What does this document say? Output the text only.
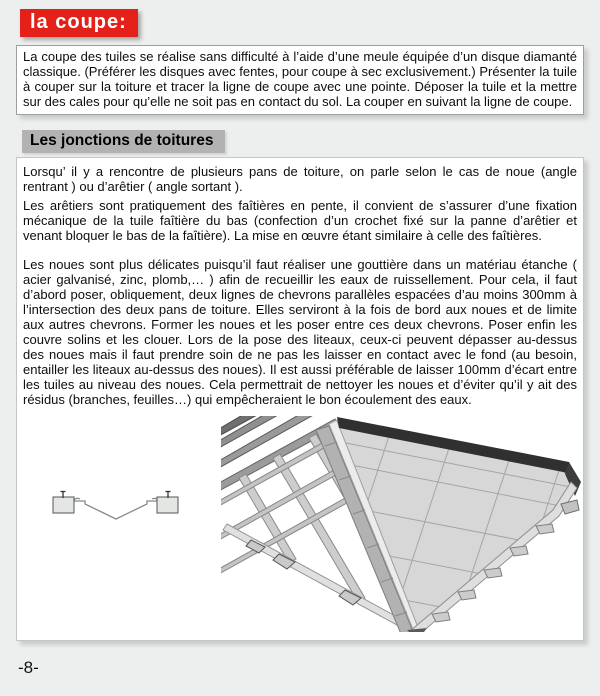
la coupe:

La coupe des tuiles se réalise sans difficulté à l’aide d’une meule équipée d’un disque diamanté classique. (Préférer les disques avec fentes, pour coupe à sec exclusivement.) Présenter la tuile à couper sur la toiture et tracer la ligne de coupe avec une pointe. Déposer la tuile et la mettre sur des cales pour qu’elle ne soit pas en contact du sol. La couper en suivant la ligne de coupe.

Les jonctions de toitures

Lorsqu’ il y a rencontre de plusieurs pans de toiture, on parle selon le cas de noue (angle rentrant ) ou d’arêtier ( angle sortant ).

Les arêtiers sont pratiquement des faîtières en pente, il convient de s’assurer d’une fixation mécanique de la tuile faîtière du bas (confection d’un crochet fixé sur la panne d’arêtier et venant bloquer le bas de la faîtière). La mise en œuvre étant similaire à celle des faîtières.

Les noues sont plus délicates puisqu’il faut réaliser une gouttière dans un matériau étanche ( acier galvanisé, zinc, plomb,… ) afin de recueillir les eaux de ruissellement. Pour cela, il faut d’abord poser, obliquement, deux lignes de chevrons parallèles espacées d’au moins 300mm à l’intersection des deux pans de toiture. Elles serviront à la fois de bord aux noues et de limite aux autres chevrons. Former les noues et les poser entre ces deux chevrons. Poser enfin les couvre solins et les clouer. Lors de la pose des liteaux, ceux-ci peuvent dépasser au-dessus des noues mais il faut prendre soin de ne pas les laisser en contact avec le fond (au besoin, entailler les liteaux au-dessus des noues). Il est aussi préférable de laisser 100mm d’écart entre les tuiles au niveau des noues. Cela permettrait de nettoyer les noues et d’éviter qu’il y ait des résidus (branches, feuilles…) qui empêcheraient le bon écoulement des eaux.

-8-
